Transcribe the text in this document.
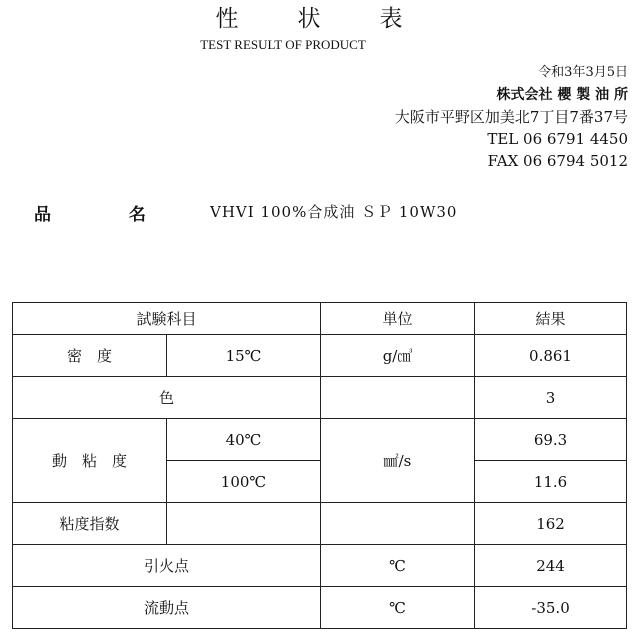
性　状　表
TEST RESULT OF PRODUCT
令和3年3月5日
株式会社 櫻 製 油 所
大阪市平野区加美北7丁目7番37号
TEL 06 6791 4450
FAX 06 6794 5012
品 名 VHVI 100%合成油 ＳＰ 10W30
試験科目		単位	結果
密　度	15℃	g/㎤	0.861
色			3
動　粘　度	40℃	㎟/s	69.3
	100℃		11.6
粘度指数			162
引火点		℃	244
流動点		℃	-35.0
